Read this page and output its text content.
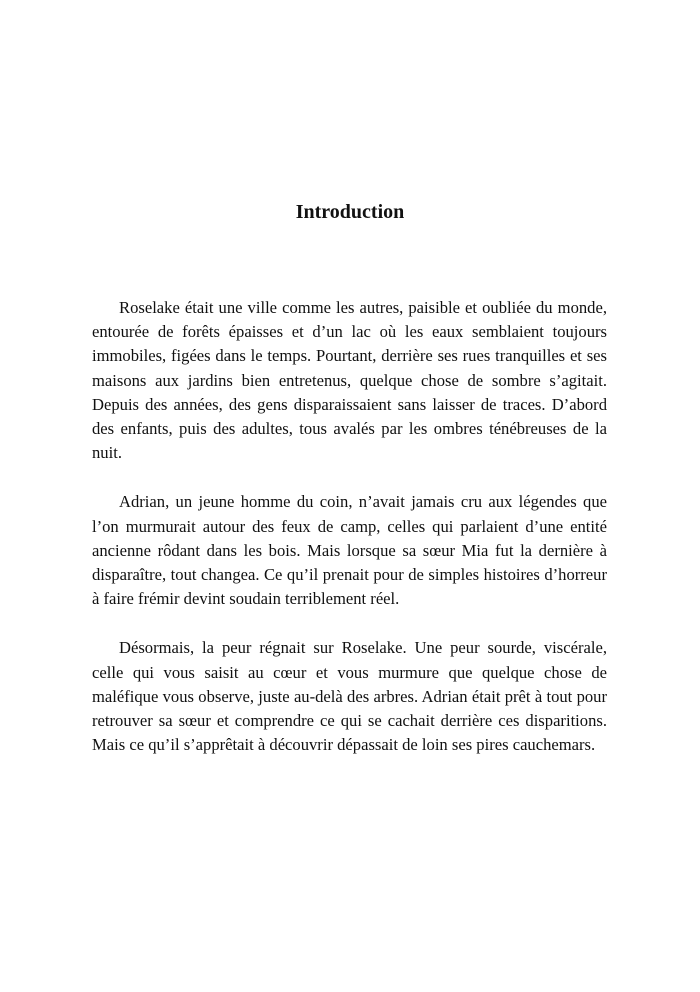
Introduction

Roselake était une ville comme les autres, paisible et oubliée du monde, entourée de forêts épaisses et d’un lac où les eaux semblaient toujours immobiles, figées dans le temps. Pourtant, derrière ses rues tranquilles et ses maisons aux jardins bien entretenus, quelque chose de sombre s’agitait. Depuis des années, des gens disparaissaient sans laisser de traces. D’abord des enfants, puis des adultes, tous avalés par les ombres ténébreuses de la nuit.

Adrian, un jeune homme du coin, n’avait jamais cru aux légendes que l’on murmurait autour des feux de camp, celles qui parlaient d’une entité ancienne rôdant dans les bois. Mais lorsque sa sœur Mia fut la dernière à disparaître, tout changea. Ce qu’il prenait pour de simples histoires d’horreur à faire frémir devint soudain terriblement réel.

Désormais, la peur régnait sur Roselake. Une peur sourde, viscérale, celle qui vous saisit au cœur et vous murmure que quelque chose de maléfique vous observe, juste au-delà des arbres. Adrian était prêt à tout pour retrouver sa sœur et comprendre ce qui se cachait derrière ces disparitions. Mais ce qu’il s’apprêtait à découvrir dépassait de loin ses pires cauchemars.
